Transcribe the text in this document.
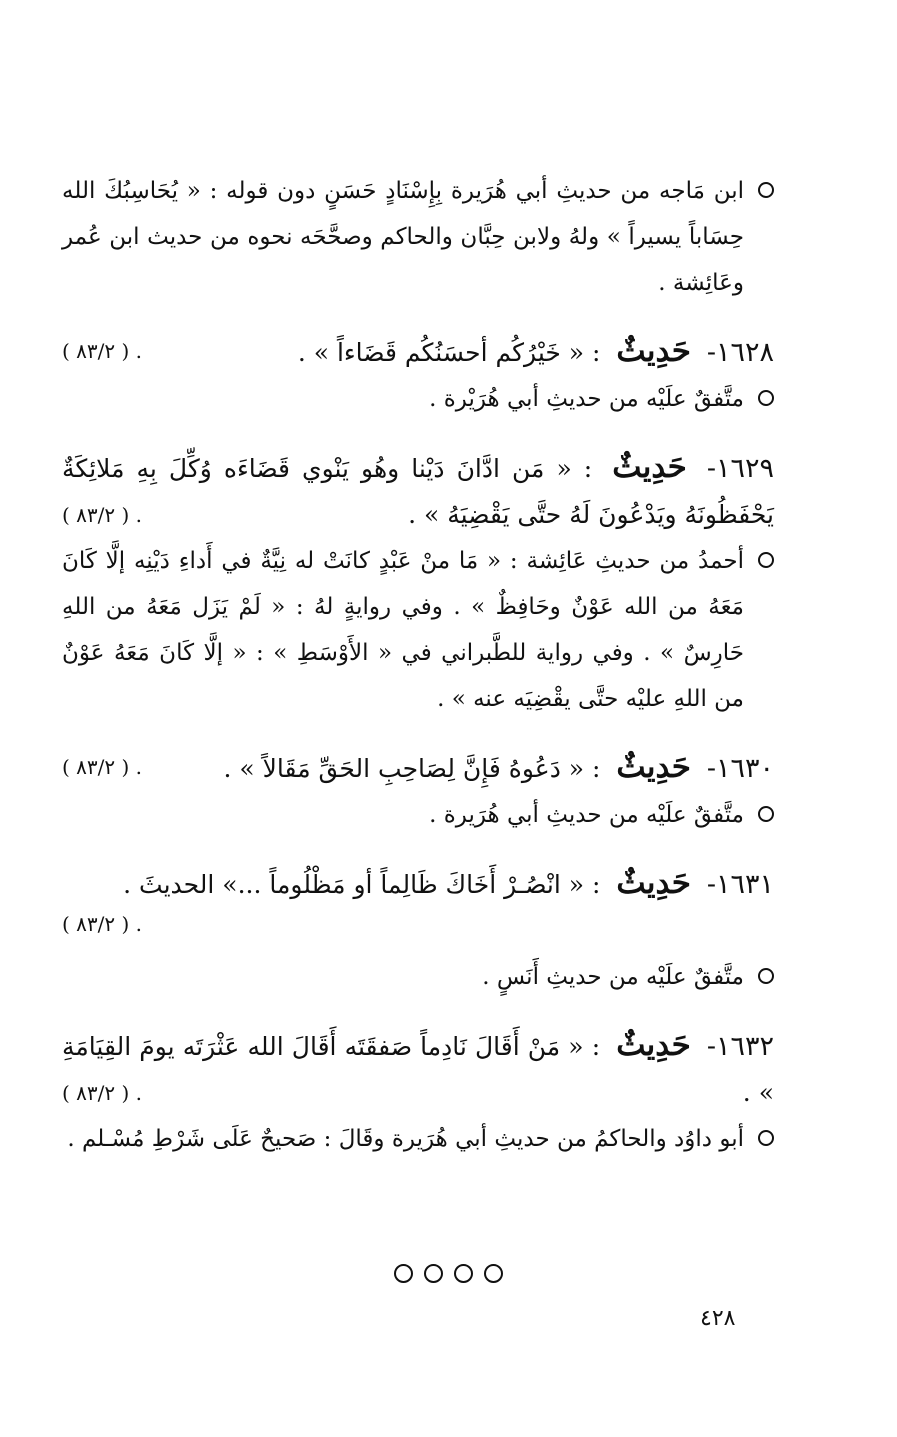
ابن مَاجه من حديثِ أبي هُرَيرة بِإِسْنَادٍ حَسَنٍ دون قوله : « يُحَاسِبُكَ الله حِسَاباً يسيراً » ولهُ ولابن حِبَّان والحاكم وصحَّحَه نحوه من حديث ابن عُمر وعَائِشة .

١٦٢٨- حَدِيثٌ : « خَيْرُكُم أحسَنُكُم قَضَاءاً » .
( ٨٣/٢ ) .

متَّفقٌ علَيْه من حديثِ أبي هُرَيْرة .

١٦٢٩- حَدِيثٌ : « مَن ادَّانَ دَيْنا وهُو يَنْوي قَضَاءَه وُكِّلَ بِهِ مَلائِكَةٌ يَحْفَظُونَهُ ويَدْعُونَ لَهُ حتَّى يَقْضِيَهُ » .
( ٨٣/٢ ) .

أحمدُ من حديثِ عَائِشة : « مَا منْ عَبْدٍ كانَتْ له نِيَّةٌ في أَداءِ دَيْنِه إلَّا كَانَ مَعَهُ من الله عَوْنٌ وحَافِظٌ » . وفي روايةٍ لهُ : « لَمْ يَزَل مَعَهُ من اللهِ حَارِسٌ » . وفي رواية للطَّبراني في « الأَوْسَطِ » : « إلَّا كَانَ مَعَهُ عَوْنٌ من اللهِ عليْه حتَّى يقْضِيَه عنه » .

١٦٣٠- حَدِيثٌ : « دَعُوهُ فَإِنَّ لِصَاحِبِ الحَقِّ مَقَالاً » .
( ٨٣/٢ ) .

متَّفقٌ علَيْه من حديثِ أبي هُرَيرة .

١٦٣١- حَدِيثٌ : « انْصُـرْ أَخَاكَ ظَالِماً أو مَظْلُوماً ...» الحديثَ .
( ٨٣/٢ ) .

متَّفقٌ علَيْه من حديثِ أَنَسٍ .

١٦٣٢- حَدِيثٌ : « مَنْ أَقَالَ نَادِماً صَفقَتَه أَقَالَ الله عَثْرَتَه يومَ القِيَامَةِ » .
( ٨٣/٢ ) .

أبو داوُد والحاكمُ من حديثِ أبي هُرَيرة وقَالَ : صَحيحٌ عَلَى شَرْطِ مُسْـلم .

٤٢٨
